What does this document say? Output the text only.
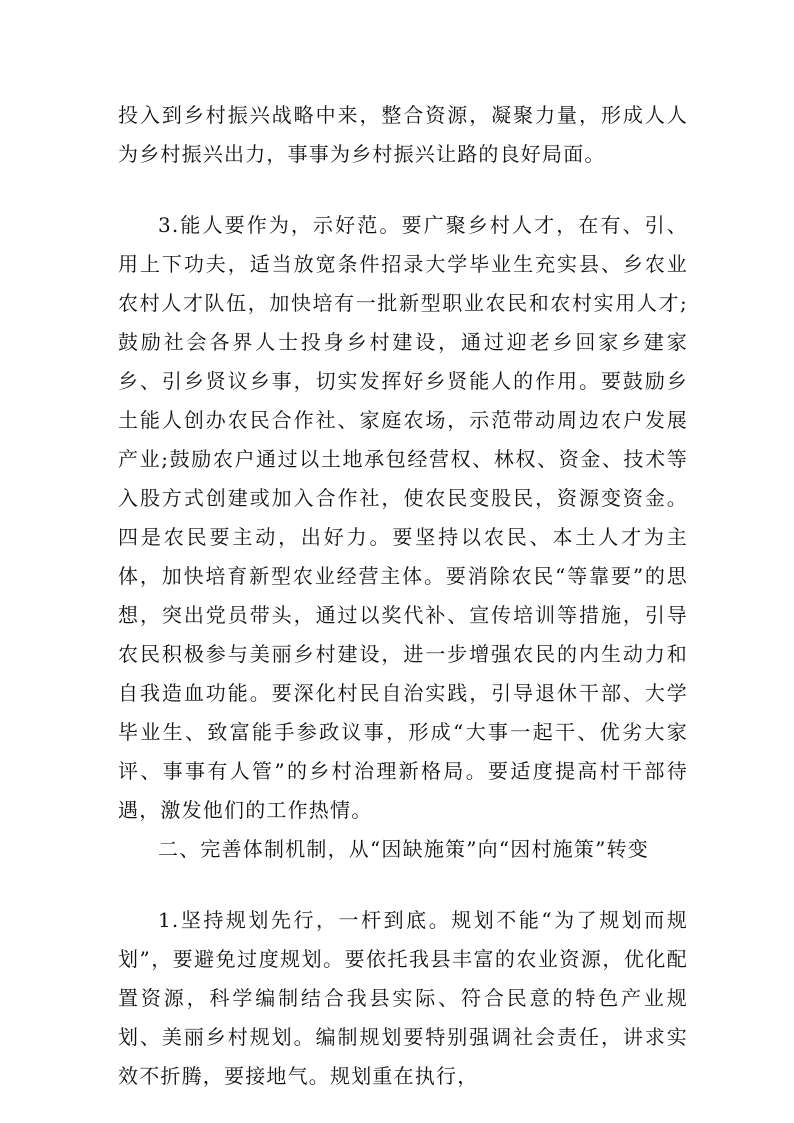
投入到乡村振兴战略中来，整合资源，凝聚力量，形成人人为乡村振兴出力，事事为乡村振兴让路的良好局面。

3.能人要作为，示好范。要广聚乡村人才，在有、引、用上下功夫，适当放宽条件招录大学毕业生充实县、乡农业农村人才队伍，加快培有一批新型职业农民和农村实用人才;鼓励社会各界人士投身乡村建设，通过迎老乡回家乡建家乡、引乡贤议乡事，切实发挥好乡贤能人的作用。要鼓励乡土能人创办农民合作社、家庭农场，示范带动周边农户发展产业;鼓励农户通过以土地承包经营权、林权、资金、技术等入股方式创建或加入合作社，使农民变股民，资源变资金。四是农民要主动，出好力。要坚持以农民、本土人才为主体，加快培育新型农业经营主体。要消除农民“等靠要”的思想，突出党员带头，通过以奖代补、宣传培训等措施，引导农民积极参与美丽乡村建设，进一步增强农民的内生动力和自我造血功能。要深化村民自治实践，引导退休干部、大学毕业生、致富能手参政议事，形成“大事一起干、优劣大家评、事事有人管”的乡村治理新格局。要适度提高村干部待遇，激发他们的工作热情。

二、完善体制机制，从“因缺施策”向“因村施策”转变

1.坚持规划先行，一杆到底。规划不能“为了规划而规划”，要避免过度规划。要依托我县丰富的农业资源，优化配置资源，科学编制结合我县实际、符合民意的特色产业规划、美丽乡村规划。编制规划要特别强调社会责任，讲求实效不折腾，要接地气。规划重在执行，
